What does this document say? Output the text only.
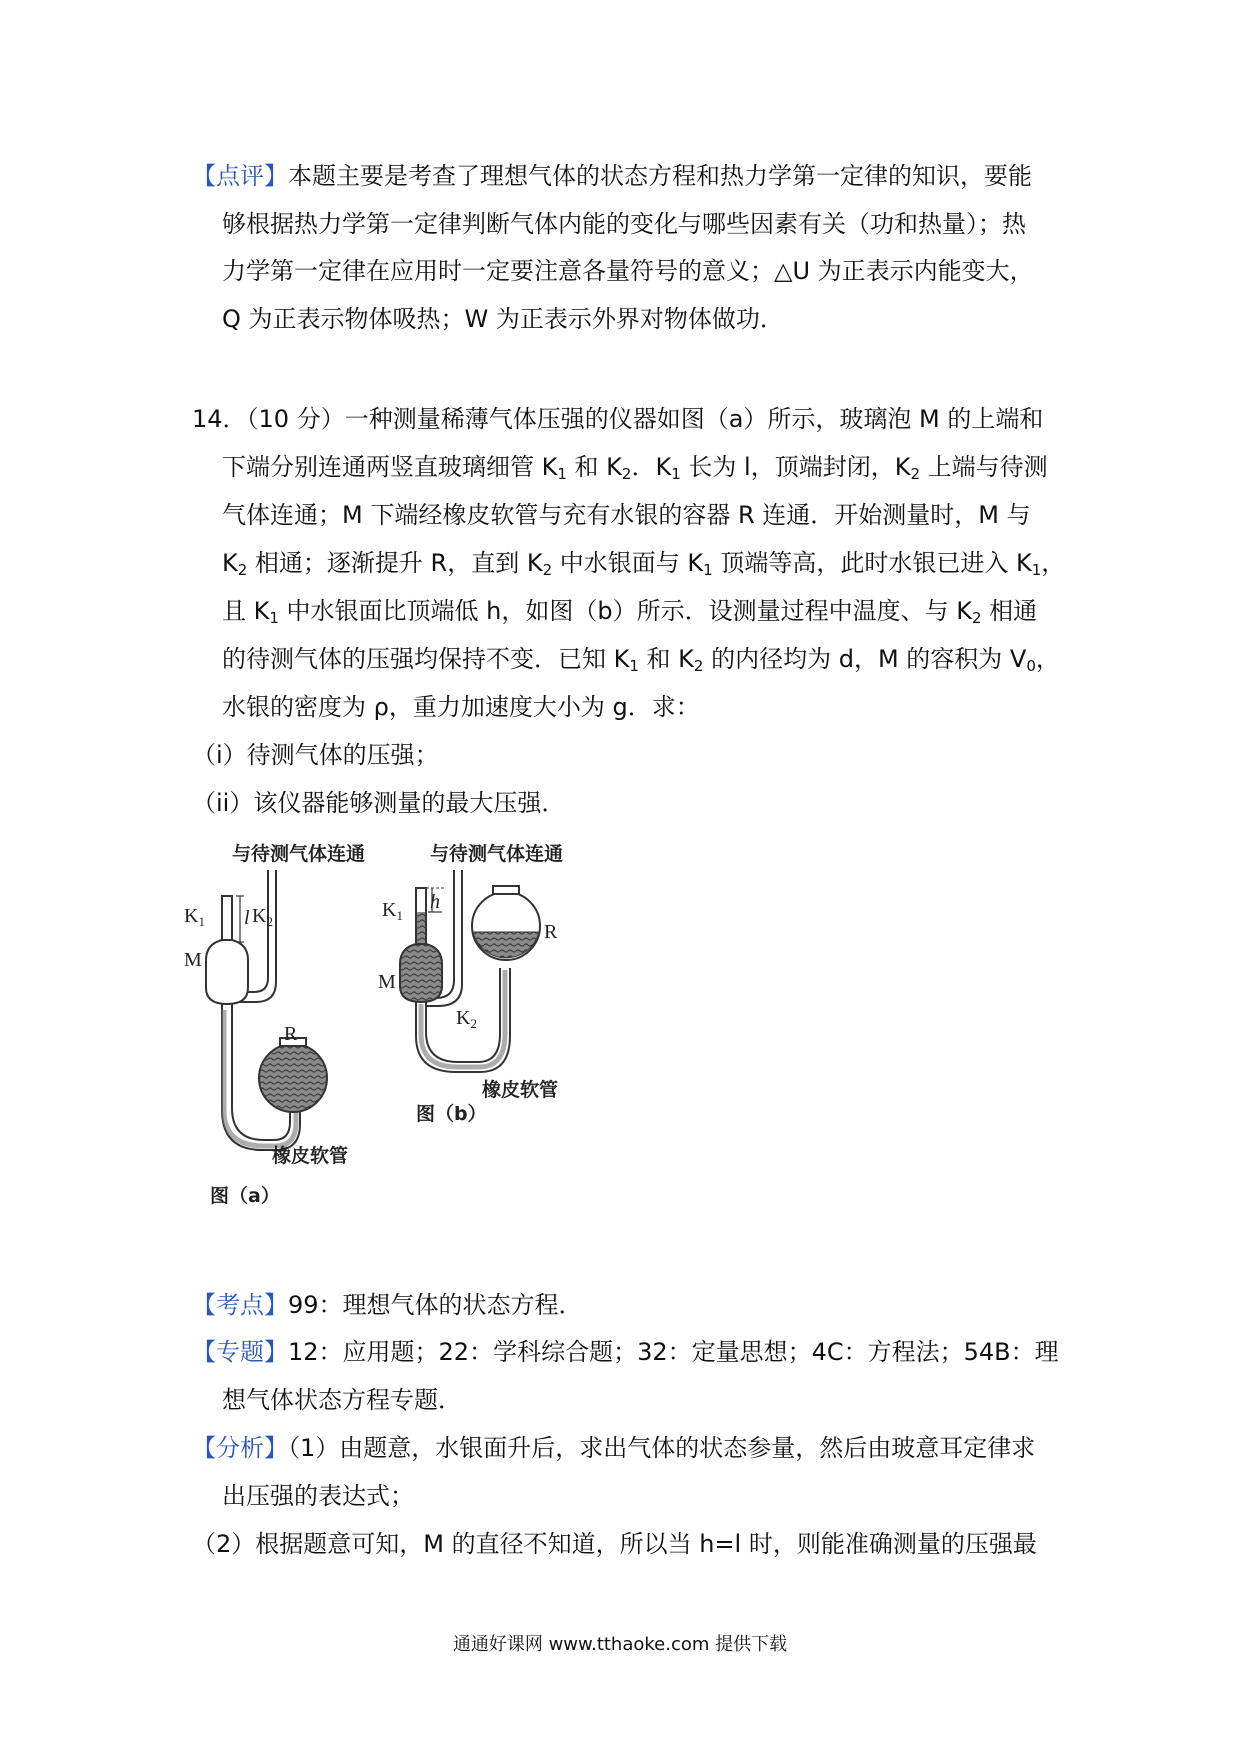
【点评】本题主要是考查了理想气体的状态方程和热力学第一定律的知识，要能
够根据热力学第一定律判断气体内能的变化与哪些因素有关（功和热量）；热
力学第一定律在应用时一定要注意各量符号的意义；△U 为正表示内能变大，
Q 为正表示物体吸热；W 为正表示外界对物体做功．
14．（10 分）一种测量稀薄气体压强的仪器如图（a）所示，玻璃泡 M 的上端和
下端分别连通两竖直玻璃细管 $K_1$ 和 $K_2$．$K_1$ 长为 l，顶端封闭，$K_2$ 上端与待测
气体连通；M 下端经橡皮软管与充有水银的容器 R 连通．开始测量时，M 与
$K_2$ 相通；逐渐提升 R，直到 $K_2$ 中水银面与 $K_1$ 顶端等高，此时水银已进入 $K_1$，
且 $K_1$ 中水银面比顶端低 h，如图（b）所示．设测量过程中温度、与 $K_2$ 相通
的待测气体的压强均保持不变．已知 $K_1$ 和 $K_2$ 的内径均为 d，M 的容积为 $V_0$，
水银的密度为 ρ，重力加速度大小为 g．求：
（i）待测气体的压强；
（ii）该仪器能够测量的最大压强．
与待测气体连通
l
$K_1$ $K_2$
M
R
橡皮软管
图（a）
与待测气体连通
h
$K_1$
$K_2$
M
R
橡皮软管
图（b）
【考点】99：理想气体的状态方程．
【专题】12：应用题；22：学科综合题；32：定量思想；4C：方程法；54B：理
想气体状态方程专题．
【分析】（1）由题意，水银面升后，求出气体的状态参量，然后由玻意耳定律求
出压强的表达式；
（2）根据题意可知，M 的直径不知道，所以当 h=l 时，则能准确测量的压强最
通通好课网 www.tthaoke.com 提供下载
